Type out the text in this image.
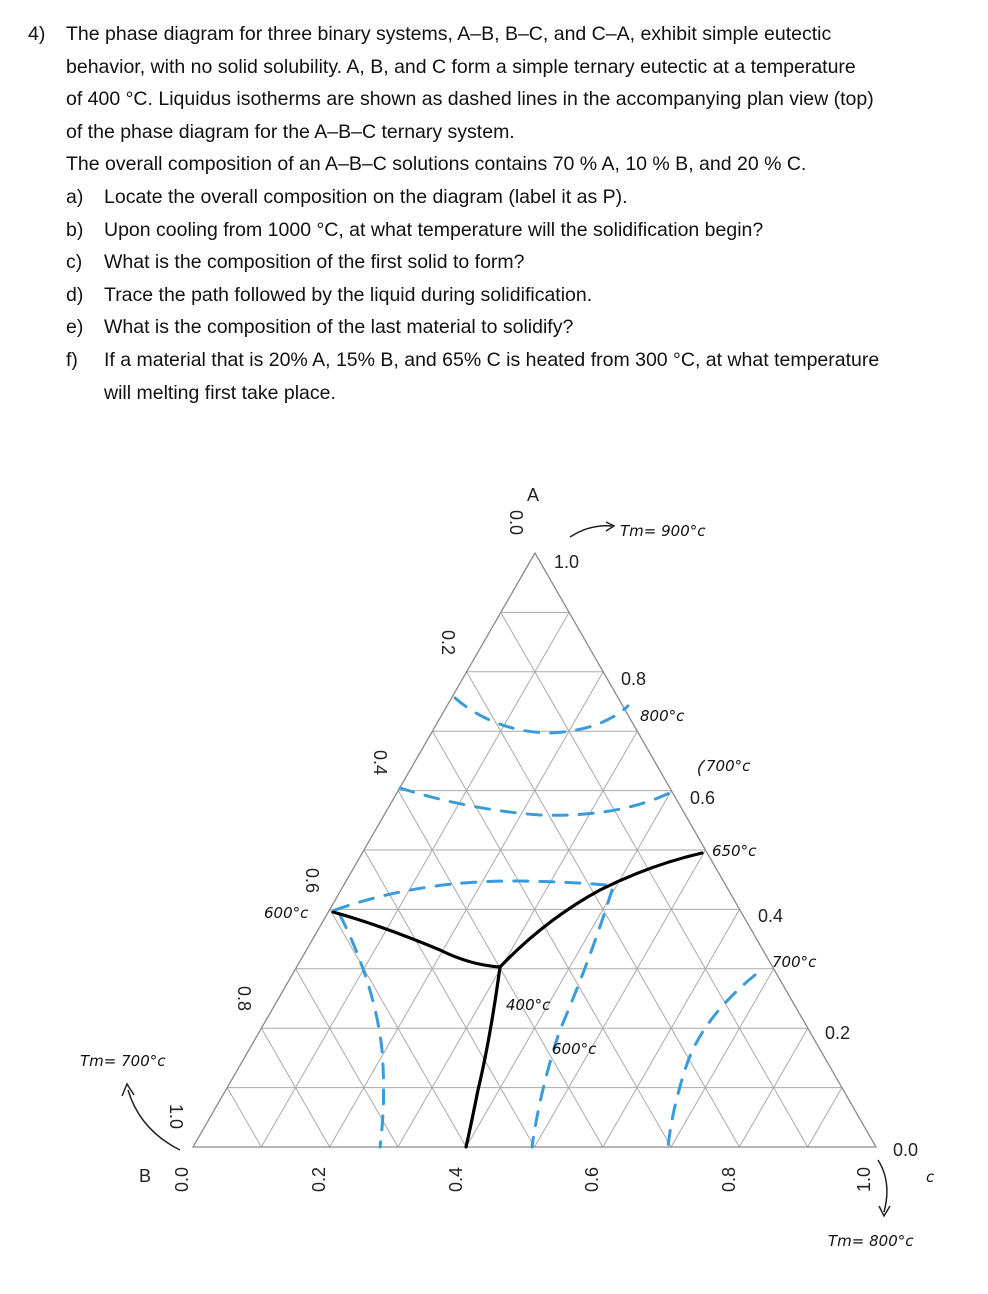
4) The phase diagram for three binary systems, A–B, B–C, and C–A, exhibit simple eutectic

behavior, with no solid solubility. A, B, and C form a simple ternary eutectic at a temperature

of 400 °C. Liquidus isotherms are shown as dashed lines in the accompanying plan view (top)

of the phase diagram for the A–B–C ternary system.

The overall composition of an A–B–C solutions contains 70 % A, 10 % B, and 20 % C.

a) Locate the overall composition on the diagram (label it as P).

b) Upon cooling from 1000 °C, at what temperature will the solidification begin?

c) What is the composition of the first solid to form?

d) Trace the path followed by the liquid during solidification.

e) What is the composition of the last material to solidify?

f) If a material that is 20% A, 15% B, and 65% C is heated from 300 °C, at what temperature

will melting first take place.

A
B	c
1.0
0.8
0.6
0.4
0.2
0.0
0.0
0.2
0.4
0.6
0.8
1.0
0.0	0.2	0.4	0.6	0.8	1.0
Tm= 900°c
Tm= 700°c
Tm= 800°c
800°c
700°c
650°c
700°c
600°c
600°c
400°c
